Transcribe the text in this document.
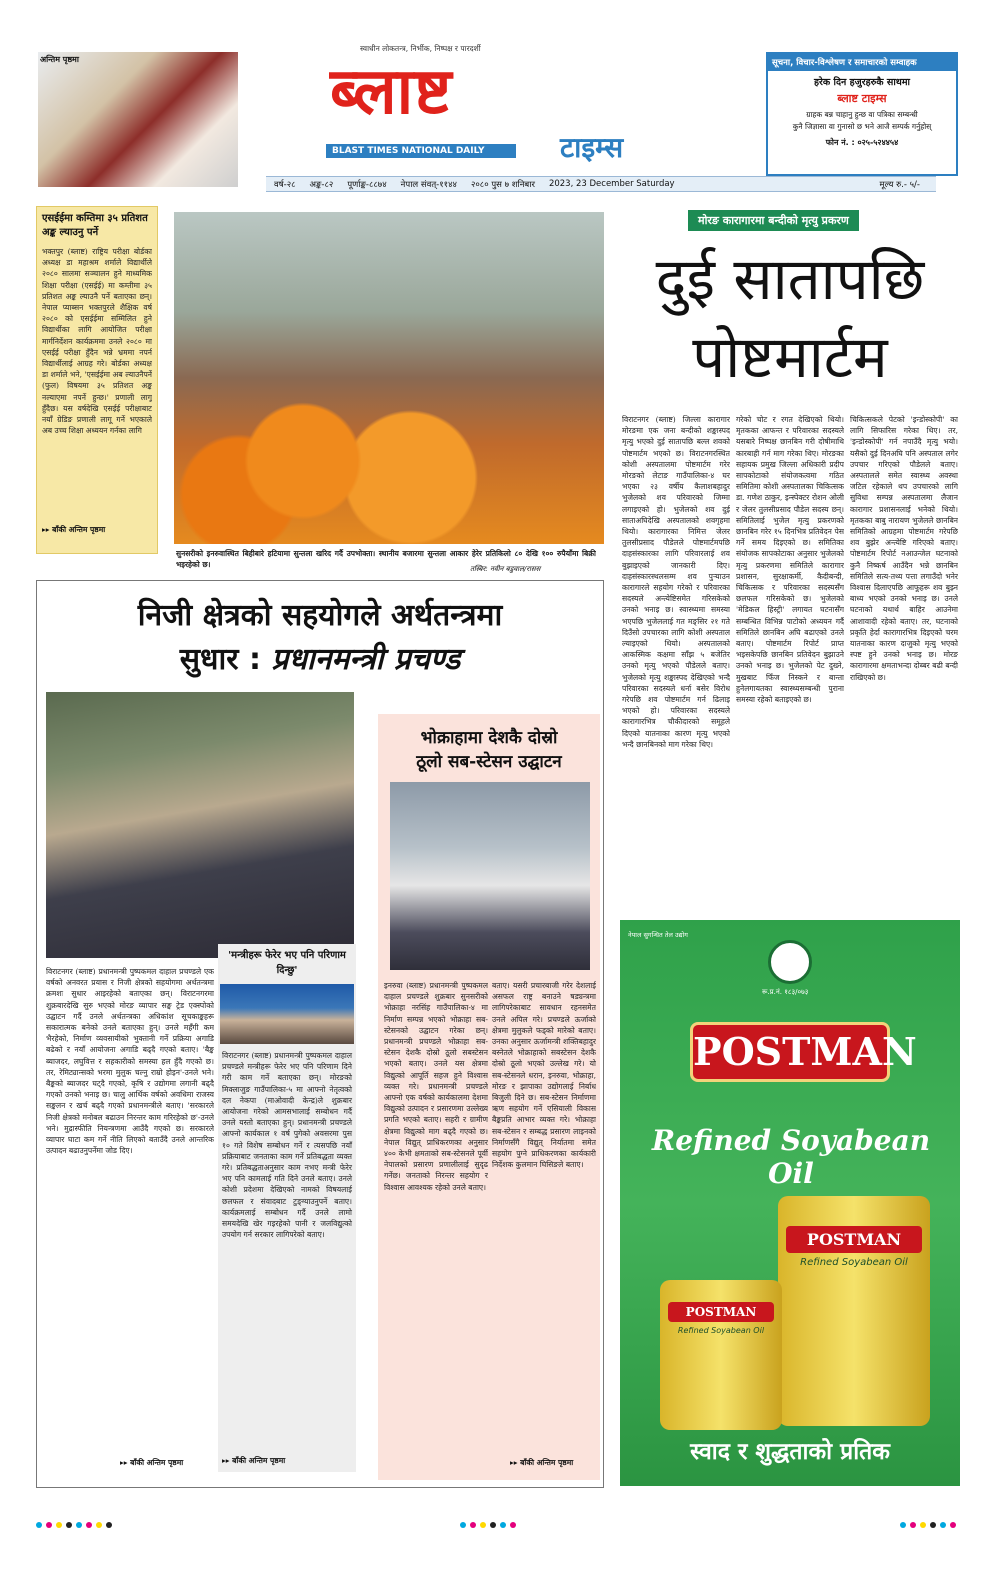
अन्तिम पृष्ठमा
स्वाधीन लोकतन्त्र, निर्भीक, निष्पक्ष र पारदर्शी
ब्लाष्ट
BLAST TIMES NATIONAL DAILY	टाइम्स
सूचना, विचार-विश्लेषण र समाचारको सम्वाहक
हरेक दिन हजुरहरुकै साथमा
ब्लाष्ट टाइम्स
ग्राहक बन्न चाहानु हुन्छ वा पत्रिका सम्बन्धी
कुनै जिज्ञासा वा गुनासो छ भने आजै सम्पर्क गर्नुहोस्
फोन नं. : ०२५-५२४४५४
वर्ष-२८ अङ्क-८२ पूर्णाङ्क-८८७४ नेपाल संवत्-११४४ २०८० पुस ७ शनिबार 2023, 23 December Saturday	मूल्य रु.- ५/-
एसईईमा कम्तिमा ३५ प्रतिशत अङ्क ल्याउनु पर्ने
भक्तपुर (ब्लाष्ट) राष्ट्रिय परीक्षा बोर्डका अध्यक्ष डा महाश्रम शर्माले विद्यार्थीले २०८० सालमा सञ्चालन हुने माध्यमिक शिक्षा परीक्षा (एसईई) मा कम्तीमा ३५ प्रतिशत अङ्क ल्याउनै पर्ने बताएका छन्। नेपाल प्याब्सन भक्तपुरले शैक्षिक वर्ष २०८० को एसईईमा सम्मिलित हुने विद्यार्थीका लागि आयोजित परीक्षा मार्गनिर्देशन कार्यक्रममा उनले २०८० मा एसईई परीक्षा हुँदैन भन्ने भ्रममा नपर्न विद्यार्थीलाई आग्रह गरे। बोर्डका अध्यक्ष डा शर्माले भने, 'एसईईमा अब ल्याउनैपर्ने (फुल) विषयमा ३५ प्रतिशत अङ्क नल्याएमा नपर्ने हुन्छ।' प्रणाली लागू हुँदैछ। यस वर्षदेखि एसईई परीक्षाबाट नयाँ ग्रेडिङ प्रणाली लागू गर्ने भएकाले अब उच्च शिक्षा अध्ययन गर्नका लागि
▸▸ बाँकी अन्तिम पृष्ठमा
सुनसरीको इनरुवास्थित बिहीबारे हटियामा सुन्तला खरिद गर्दै उपभोक्ता। स्थानीय बजारमा सुन्तला आकार हेरेर प्रतिकिलो ८० देखि १०० रुपैयाँमा बिक्री भइरहेको छ।	तस्बिर: नवीन बडुवाल/रासस
मोरङ कारागारमा बन्दीको मृत्यु प्रकरण
दुई सातापछि
पोष्टमार्टम
विराटनगर (ब्लाष्ट) जिल्ला कारागार मोरङमा एक जना बन्दीको शङ्कास्पद मृत्यु भएको दुई सातापछि बल्ल शवको पोष्टमार्टम भएको छ। विराटनगरस्थित कोशी अस्पतालमा पोष्टमार्टम गरेर मोरङको लेटाङ गाउँपालिका-४ घर भएका २३ वर्षीय कैलाशबहादुर भुजेलको शव परिवारको जिम्मा लगाइएको हो। भुजेलको शव दुई साताअघिदेखि अस्पतालको शवगृहमा थियो। कारागारका निमित्त जेलर तुलसीप्रसाद पौडेलले पोष्टमार्टमपछि दाहसंस्कारका लागि परिवारलाई शव बुझाइएको जानकारी दिए। दाहसंस्कारस्थलसम्म शव पुऱ्याउन कारागारले सहयोग गरेको र परिवारका सदस्यले अन्त्येष्टिसमेत गरिसकेको उनको भनाइ छ। स्वास्थ्यमा समस्या भएपछि भुजेललाई गत मङ्सिर २१ गते दिउँसो उपचारका लागि कोशी अस्पताल ल्याइएको थियो। अस्पतालको आकस्मिक कक्षमा साँझ ५ बजेतिर उनको मृत्यु भएको पौडेलले बताए। भुजेलको मृत्यु शङ्कास्पद देखिएको भन्दै परिवारका सदस्यले धर्ना बसेर विरोध गरेपछि शव पोष्टमार्टम गर्न ढिलाइ भएको हो। परिवारका सदस्यले कारागारभित्र चौकीदारको समूहले दिएको यातनाका कारण मृत्यु भएको भन्दै छानबिनको माग गरेका थिए।
गरेको चोट र रगत देखिएको थियो। मृतकका आफन्त र परिवारका सदस्यले यसबारे निष्पक्ष छानबिन गरी दोषीमाथि कारबाही गर्न माग गरेका थिए। मोरङका सहायक प्रमुख जिल्ला अधिकारी प्रदीप सापकोटाको संयोजकत्वमा गठित समितिमा कोशी अस्पतालका चिकित्सक डा. गणेश ठाकुर, इन्स्पेक्टर रोशन ओली र जेलर तुलसीप्रसाद पौडेल सदस्य छन्। समितिलाई भुजेल मृत्यु प्रकरणको छानबिन गरेर १५ दिनभित्र प्रतिवेदन पेस गर्ने समय दिइएको छ। समितिका संयोजक सापकोटाका अनुसार भुजेलको मृत्यु प्रकरणमा समितिले कारागार प्रशासन, सुरक्षाकर्मी, कैदीबन्दी, चिकित्सक र परिवारका सदस्यसँग छलफल गरिसकेको छ। भुजेलको 'मेडिकल हिस्ट्री' लगायत घटनासँग सम्बन्धित विभिन्न पाटोको अध्ययन गर्दै समितिले छानबिन अघि बढाएको उनले बताए। पोष्टमार्टम रिपोर्ट प्राप्त भइसकेपछि छानबिन प्रतिवेदन बुझाउने उनको भनाइ छ। भुजेलको पेट दुख्ने, मुखबाट फिँज निस्कने र बान्ता हुनेलगायतका स्वास्थ्यसम्बन्धी पुराना समस्या रहेको बताइएको छ।
चिकित्सकले पेटको 'इन्डोस्कोपी' का लागि सिफारिस गरेका थिए। तर, 'इन्डोस्कोपी' गर्न नपाउँदै मृत्यु भयो। यसैको दुई दिनअघि पनि अस्पताल लगेर उपचार गरिएको पौडेलले बताए। अस्पतालले समेत स्वास्थ्य अवस्था जटिल रहेकाले थप उपचारको लागि सुविधा सम्पन्न अस्पतालमा लैजान कारागार प्रशासनलाई भनेको थियो। मृतकका बाबु नारायण भुजेलले छानबिन समितिको आग्रहमा पोष्टमार्टम गरेपछि शव बुझेर अन्त्येष्टि गरिएको बताए। पोष्टमार्टम रिपोर्ट नआउन्जेल घटनाको कुनै निष्कर्ष आउँदैन भन्ने छानबिन समितिले सत्य-तथ्य पत्ता लगाउँदो भनेर विश्वास दिलाएपछि आफूहरू शव बुझ्न बाध्य भएको उनको भनाइ छ। उनले घटनाको यथार्थ बाहिर आउनेमा आशावादी रहेको बताए। तर, घटनाको प्रकृति हेर्दा कारागारभित्र दिइएको चरम यातनाका कारण दाजुको मृत्यु भएको स्पष्ट हुने उनको भनाइ छ। मोरङ कारागारमा क्षमताभन्दा दोब्बर बढी बन्दी राखिएको छ।
निजी क्षेत्रको सहयोगले अर्थतन्त्रमा
सुधार : प्रधानमन्त्री प्रचण्ड
विराटनगर (ब्लाष्ट) प्रधानमन्त्री पुष्पकमल दाहाल प्रचण्डले एक वर्षको अनवरत प्रयास र निजी क्षेत्रको सहयोगमा अर्थतन्त्रमा क्रमशः सुधार आइरहेको बताएका छन्। विराटनगरमा शुक्रबारदेखि सुरु भएको मोरङ व्यापार सङ्घ ट्रेड एक्स्पोको उद्घाटन गर्दै उनले अर्थतन्त्रका अधिकांश सूचकाङ्कहरू सकारात्मक बनेको उनले बताएका हुन्। उनले महँगी कम भैरहेको, निर्माण व्यवसायीको भुक्तानी गर्ने प्रक्रिया अगाडि बढेको र नयाँ आयोजना अगाडि बढ्दै गएको बताए। 'बैङ्क ब्याजदर, लघुवित्त र सहकारीको समस्या हल हुँदै गएको छ। तर, रेमिट्यान्सको भरमा मुलुक चल्नु राम्रो होइन'-उनले भने। बैङ्कको ब्याजदर घट्दै गएको, कृषि र उद्योगमा लगानी बढ्दै गएको उनको भनाइ छ। चालु आर्थिक वर्षको अवधिमा राजस्व सङ्कलन र खर्च बढ्दै गएको प्रधानमन्त्रीले बताए। 'सरकारले निजी क्षेत्रको मनोबल बढाउन निरन्तर काम गरिरहेको छ'-उनले भने। मुद्रास्फीति नियन्त्रणमा आउँदै गएको छ। सरकारले व्यापार घाटा कम गर्ने नीति लिएको बताउँदै उनले आन्तरिक उत्पादन बढाउनुपर्नेमा जोड दिए।
▸▸ बाँकी अन्तिम पृष्ठमा
'मन्त्रीहरू फेरेर भए पनि परिणाम दिन्छु'
विराटनगर (ब्लाष्ट) प्रधानमन्त्री पुष्पकमल दाहाल प्रचण्डले मन्त्रीहरू फेरेर भए पनि परिणाम दिने गरी काम गर्ने बताएका छन्। मोरङको मिक्लाजुङ गाउँपालिका-५ मा आफ्नो नेतृत्वको दल नेकपा (माओवादी केन्द्र)ले शुक्रबार आयोजना गरेको आमसभालाई सम्बोधन गर्दै उनले यस्तो बताएका हुन्। प्रधानमन्त्री प्रचण्डले आफ्नो कार्यकाल १ वर्ष पुगेको अवसरमा पुस १० गते विशेष सम्बोधन गर्ने र त्यसपछि नयाँ प्रक्रियाबाट जनताका काम गर्ने प्रतिबद्धता व्यक्त गरे। प्रतिबद्धताअनुसार काम नभए मन्त्री फेरेर भए पनि कामलाई गति दिने उनले बताए। उनले कोशी प्रदेशमा देखिएको नामको विषयलाई छलफल र संवादबाट टुङ्ग्याउनुपर्ने बताए। कार्यक्रमलाई सम्बोधन गर्दै उनले लामो समयदेखि खेर गइरहेको पानी र जलविद्युत्को उपयोग गर्न सरकार लागिपरेको बताए।
▸▸ बाँकी अन्तिम पृष्ठमा
भोक्राहामा देशकै दोस्रो
ठूलो सब-स्टेसन उद्घाटन
इनरुवा (ब्लाष्ट) प्रधानमन्त्री पुष्पकमल दाहाल प्रचण्डले शुक्रबार सुनसरीको भोक्राहा नरसिंह गाउँपालिका-४ मा निर्माण सम्पन्न भएको भोक्राहा सब-स्टेसनको उद्घाटन गरेका छन्। प्रधानमन्त्री प्रचण्डले भोक्राहा सब-स्टेसन देशकै दोस्रो ठूलो सबस्टेसन भएको बताए। उनले यस क्षेत्रमा विद्युत्को आपूर्ति सहज हुने विश्वास व्यक्त गरे। प्रधानमन्त्री प्रचण्डले आफ्नो एक वर्षको कार्यकालमा देशमा विद्युत्को उत्पादन र प्रसारणमा उल्लेख्य प्रगति भएको बताए। सहरी र ग्रामीण क्षेत्रमा विद्युत्को माग बढ्दै गएको छ। नेपाल विद्युत् प्राधिकरणका अनुसार ४०० केभी क्षमताको सब-स्टेसनले पूर्वी नेपालको प्रसारण प्रणालीलाई सुदृढ गर्नेछ। जनताको निरन्तर सहयोग र विश्वास आवश्यक रहेको उनले बताए।
बताए। यसरी प्रचारबाजी गरेर देशलाई असफल राष्ट्र बनाउने षड्यन्त्रमा लागिपरेकाबाट सावधान रहनसमेत उनले अपिल गरे। प्रचण्डले ऊर्जाको क्षेत्रमा मुलुकले फड्को मारेको बताए। उनका अनुसार ऊर्जामन्त्री शक्तिबहादुर बस्नेतले भोक्राहाको सबस्टेसन देशकै दोस्रो ठूलो भएको उल्लेख गरे। यो सब-स्टेसनले धरान, इनरुवा, भोक्राहा, मोरङ र झापाका उद्योगलाई निर्बाध बिजुली दिने छ। सब-स्टेसन निर्माणमा ऋण सहयोग गर्ने एसियाली विकास बैङ्कप्रति आभार व्यक्त गरे। भोक्राहा सब-स्टेसन र सम्बद्ध प्रसारण लाइनको निर्माणसँगै विद्युत् निर्यातमा समेत सहयोग पुग्ने प्राधिकरणका कार्यकारी निर्देशक कुलमान घिसिङले बताए।
▸▸ बाँकी अन्तिम पृष्ठमा
नेपाल सुगन्धित तेल उद्योग
रू.प्र.नं. १८३/०७३
POSTMAN
Refined Soyabean Oil
POSTMAN
Refined Soyabean Oil
POSTMAN
Refined Soyabean Oil
स्वाद र शुद्धताको प्रतिक
